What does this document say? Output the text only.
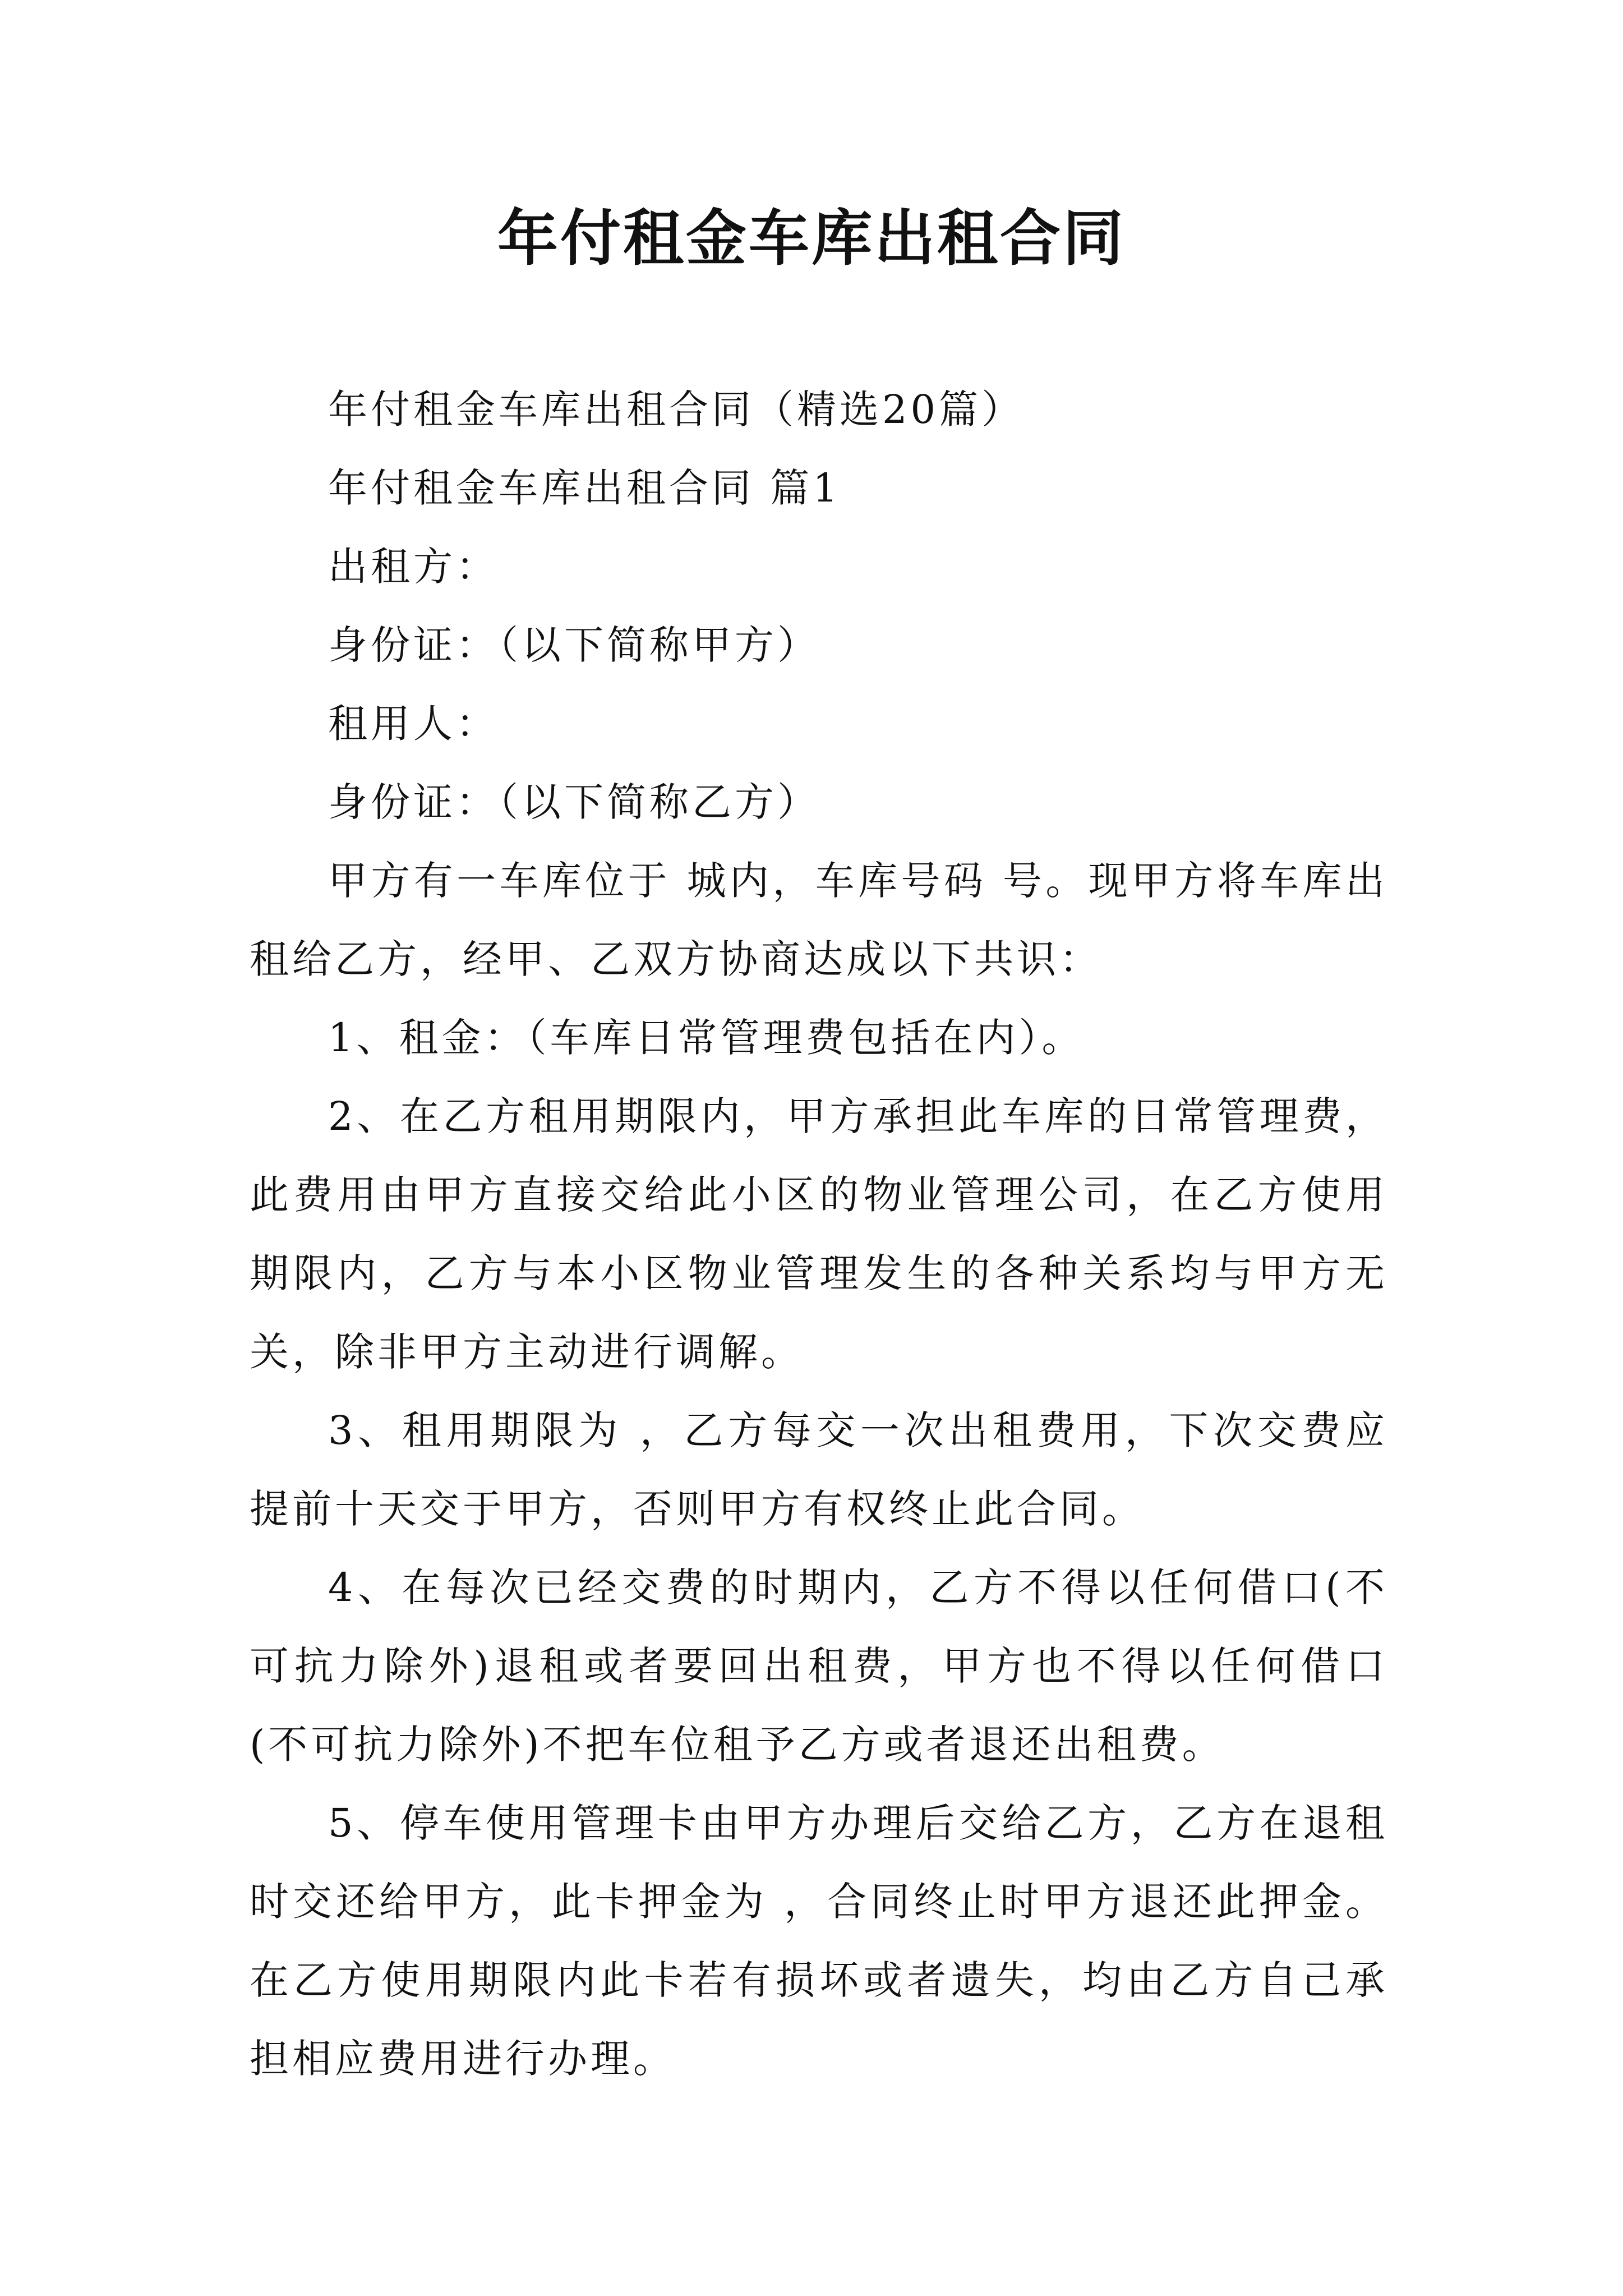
年付租金车库出租合同

年付租金车库出租合同（精选20篇）

年付租金车库出租合同 篇1

出租方：

身份证：（以下简称甲方）

租用人：

身份证：（以下简称乙方）

甲方有一车库位于 城内，车库号码 号。现甲方将车库出租给乙方，经甲、乙双方协商达成以下共识：

1、租金：（车库日常管理费包括在内）。

2、在乙方租用期限内，甲方承担此车库的日常管理费，此费用由甲方直接交给此小区的物业管理公司，在乙方使用期限内，乙方与本小区物业管理发生的各种关系均与甲方无关，除非甲方主动进行调解。

3、租用期限为 ，乙方每交一次出租费用，下次交费应提前十天交于甲方，否则甲方有权终止此合同。

4、在每次已经交费的时期内，乙方不得以任何借口(不可抗力除外)退租或者要回出租费，甲方也不得以任何借口(不可抗力除外)不把车位租予乙方或者退还出租费。

5、停车使用管理卡由甲方办理后交给乙方，乙方在退租时交还给甲方，此卡押金为 ，合同终止时甲方退还此押金。在乙方使用期限内此卡若有损坏或者遗失，均由乙方自己承担相应费用进行办理。
